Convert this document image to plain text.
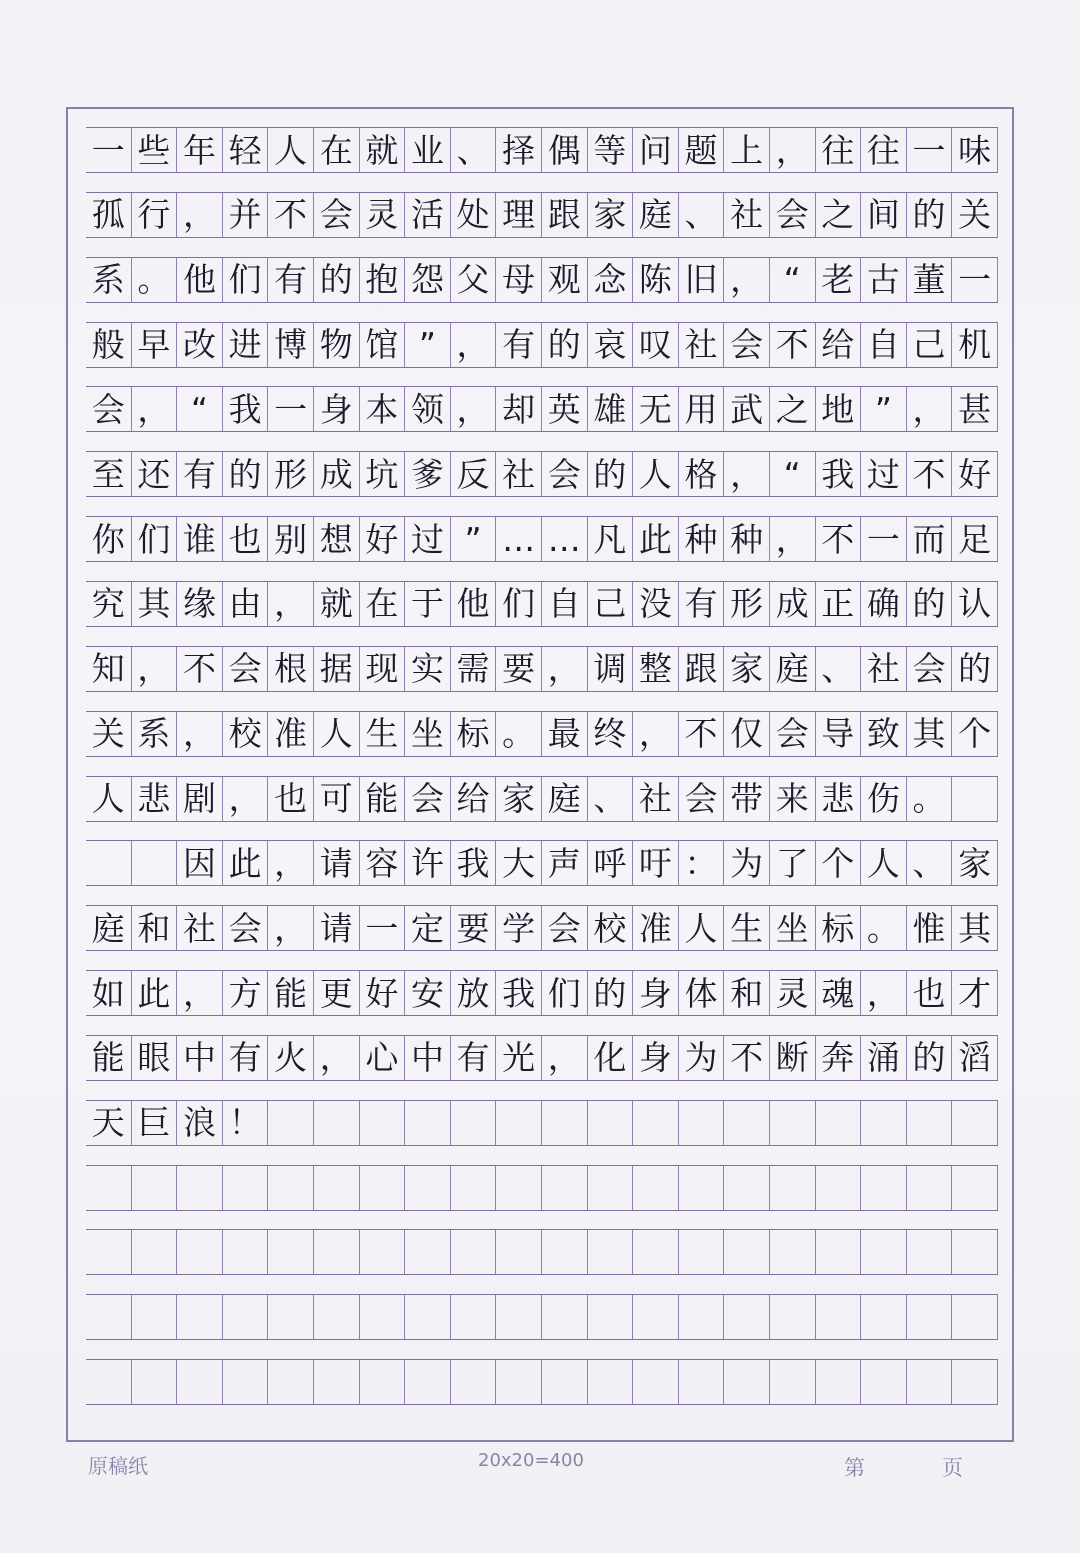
一 些 年 轻 人 在 就 业 、 择 偶 等 问 题 上 ， 往 往 一 味
孤 行 ， 并 不 会 灵 活 处 理 跟 家 庭 、 社 会 之 间 的 关
系 。 他 们 有 的 抱 怨 父 母 观 念 陈 旧 ， “ 老 古 董 一
般 早 改 进 博 物 馆 ” ， 有 的 哀 叹 社 会 不 给 自 己 机
会 ， “ 我 一 身 本 领 ， 却 英 雄 无 用 武 之 地 ” ， 甚
至 还 有 的 形 成 坑 爹 反 社 会 的 人 格 ， “ 我 过 不 好
你 们 谁 也 别 想 好 过 ” … … 凡 此 种 种 ， 不 一 而 足
究 其 缘 由 ， 就 在 于 他 们 自 己 没 有 形 成 正 确 的 认
知 ， 不 会 根 据 现 实 需 要 ， 调 整 跟 家 庭 、 社 会 的
关 系 ， 校 准 人 生 坐 标 。 最 终 ， 不 仅 会 导 致 其 个
人 悲 剧 ， 也 可 能 会 给 家 庭 、 社 会 带 来 悲 伤 。
因 此 ， 请 容 许 我 大 声 呼 吁 ： 为 了 个 人 、 家
庭 和 社 会 ， 请 一 定 要 学 会 校 准 人 生 坐 标 。 惟 其
如 此 ， 方 能 更 好 安 放 我 们 的 身 体 和 灵 魂 ， 也 才
能 眼 中 有 火 ， 心 中 有 光 ， 化 身 为 不 断 奔 涌 的 滔
天 巨 浪 ！
原稿纸	20x20=400	第	页
